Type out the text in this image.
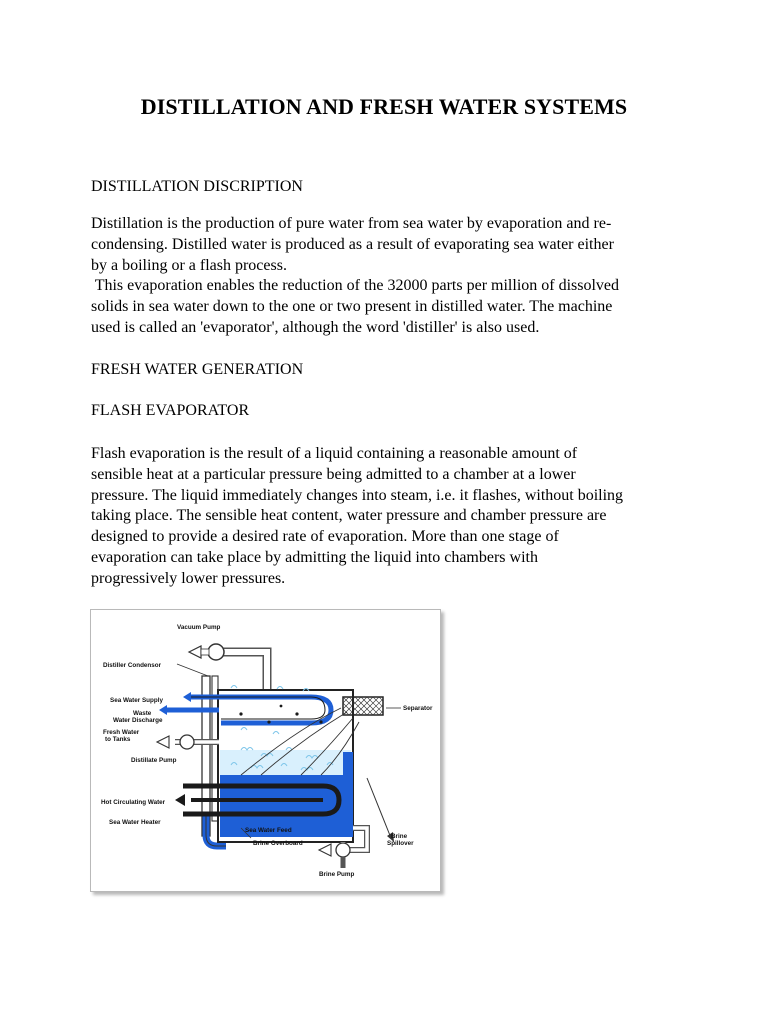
DISTILLATION AND FRESH WATER SYSTEMS

DISTILLATION DISCRIPTION

Distillation is the production of pure water from sea water by evaporation and re-
condensing. Distilled water is produced as a result of evaporating sea water either
by a boiling or a flash process.
This evaporation enables the reduction of the 32000 parts per million of dissolved
solids in sea water down to the one or two present in distilled water. The machine
used is called an 'evaporator', although the word 'distiller' is also used.

FRESH WATER GENERATION

FLASH EVAPORATOR

Flash evaporation is the result of a liquid containing a reasonable amount of
sensible heat at a particular pressure being admitted to a chamber at a lower
pressure. The liquid immediately changes into steam, i.e. it flashes, without boiling
taking place. The sensible heat content, water pressure and chamber pressure are
designed to provide a desired rate of evaporation. More than one stage of
evaporation can take place by admitting the liquid into chambers with
progressively lower pressures.
Vacuum Pump
Distiller Condensor
Sea Water Supply
Waste
Water Discharge
Fresh Water
to Tanks
Distillate Pump
Hot Circulating Water
Sea Water Heater
Sea Water Feed
Brine Overboard
Brine Pump
Separator
Brine
Spillover
